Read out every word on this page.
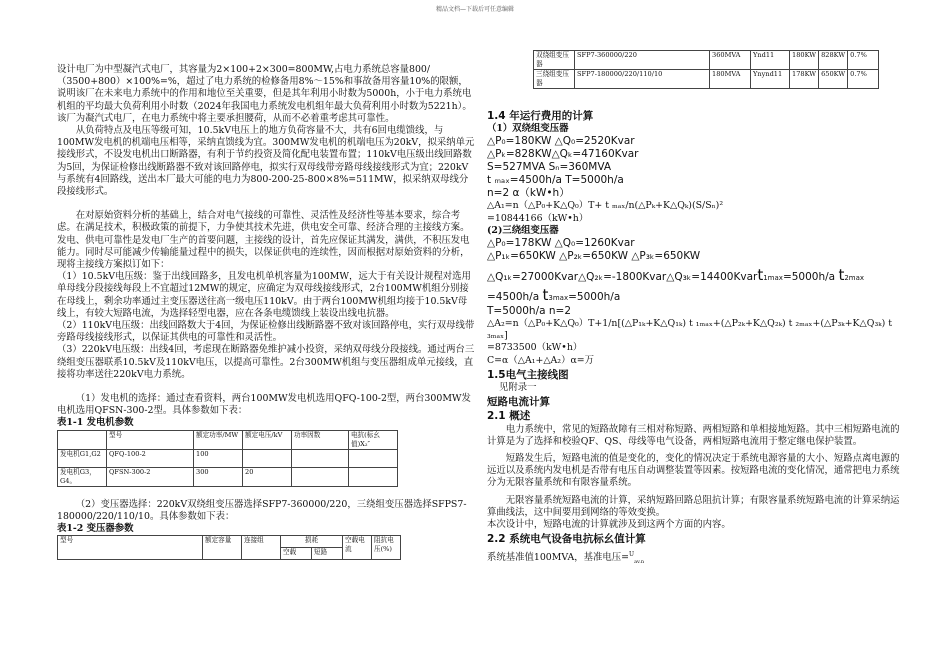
精品文档—下载后可任意编辑
双绕组变压器	SFP7-360000/220	360MVA	Ynd11	180KW	828KW	0.7%
三绕组变压器	SFP7-180000/220/110/10	180MVA	Ynynd11	178KW	650KW	0.7%

设计电厂为中型凝汽式电厂，其容量为2×100+2×300=800MW,占电力系统总容量800/（3500+800）×100%=%，超过了电力系统的检修备用8%～15%和事故备用容量10%的限额，说明该厂在未来电力系统中的作用和地位至关重要，但是其年利用小时数为5000h，小于电力系统电机组的平均最大负荷利用小时数（2024年我国电力系统发电机组年最大负荷利用小时数为5221h）。该厂为凝汽式电厂，在电力系统中将主要承担腰荷，从而不必着重考虑其可靠性。

从负荷特点及电压等级可知，10.5kV电压上的地方负荷容量不大，共有6回电缆馈线，与100MW发电机的机端电压相等，采纳直馈线为宜。300MW发电机的机端电压为20kV，拟采纳单元接线形式，不设发电机出口断路器，有利于节约投资及简化配电装置布置；110kV电压级出线回路数为5回，为保证检修出线断路器不致对该回路停电，拟实行双母线带旁路母线接线形式为宜；220kV与系统有4回路线，送出本厂最大可能的电力为800-200-25-800×8%=511MW，拟采纳双母线分段接线形式。

在对原始资料分析的基础上，结合对电气接线的可靠性、灵活性及经济性等基本要求，综合考虑。在满足技术，积极政策的前提下，力争使其技术先进，供电安全可靠、经济合理的主接线方案。

发电、供电可靠性是发电厂生产的首要问题，主接线的设计，首先应保证其满发，满供，不积压发电能力。同时尽可能减少传输能量过程中的损失，以保证供电的连续性，因而根据对原始资料的分析，现将主接线方案拟订如下：

（1）10.5kV电压级：鉴于出线回路多，且发电机单机容量为100MW，远大于有关设计规程对选用单母线分段接线每段上不宜超过12MW的规定，应确定为双母线接线形式，2台100MW机组分别接在母线上，剩余功率通过主变压器送往高一级电压110kV。由于两台100MW机组均接于10.5kV母线上，有较大短路电流，为选择轻型电器，应在各条电缆馈线上装设出线电抗器。

（2）110kV电压级：出线回路数大于4回，为保证检修出线断路器不致对该回路停电，实行双母线带旁路母线接线形式，以保证其供电的可靠性和灵活性。

（3）220kV电压级：出线4回，考虑现在断路器免维护减小投资，采纳双母线分段接线。通过两台三绕组变压器联系10.5kV及110kV电压，以提高可靠性。2台300MW机组与变压器组成单元接线，直接将功率送往220kV电力系统。

（1）发电机的选择：通过查看资料，两台100MW发电机选用QFQ-100-2型，两台300MW发电机选用QFSN-300-2型。具体参数如下表：

表1-1 发电机参数

	型号	额定功率/MW	额定电压/kV	功率因数	电抗(标幺值)X₂″
发电机G1,G2	QFQ-100-2	100			
发电机G3，G4。	QFSN-300-2	300	20		

（2）变压器选择：220kV双绕组变压器选择SFP7-360000/220，三绕组变压器选择SFPS7-180000/220/110/10。具体参数如下表：

表1-2 变压器参数

型号	额定容量	连接组	损耗		空载电流	阻抗电压(%)
			空载	短路		
1.4 年运行费用的计算

（1）双绕组变压器

△P₀=180KW △Q₀=2520Kvar

△Pₖ=828KW△Qₖ=47160Kvar

S=527MVA Sₙ=360MVA

t ₘₐₓ=4500h/a T=5000h/a

n=2 α（kW•h）

△A₁=n（△P₀+K△Q₀）T+ t ₘₐₓ/n(△Pₖ+K△Qₖ)(S/Sₙ)²

=10844166（kW•h）

(2)三绕组变压器

△P₀=178KW △Q₀=1260Kvar

△P₁ₖ=650KW △P₂ₖ=650KW △P₃ₖ=650KW

△Q₁ₖ=27000Kvar△Q₂ₖ=-1800Kvar△Q₃ₖ=14400Kvart1max=5000h/a t2max

=4500h/a t3max=5000h/a

T=5000h/a n=2

△A₂=n（△P₀+K△Q₀）T+1/n[(△P₁ₖ+K△Q₁ₖ) t ₁ₘₐₓ+(△P₂ₖ+K△Q₂ₖ) t ₂ₘₐₓ+(△P₃ₖ+K△Q₃ₖ) t ₃ₘₐₓ]

=8733500（kW•h）

C=α（△A₁+△A₂）α=万

1.5电气主接线图

见附录一

短路电流计算
2.1 概述

电力系统中，常见的短路故障有三相对称短路、两相短路和单相接地短路。其中三相短路电流的计算是为了选择和校验QF、QS、母线等电气设备，两相短路电流用于整定继电保护装置。

短路发生后，短路电流的值是变化的，变化的情况决定于系统电源容量的大小、短路点离电源的远近以及系统内发电机是否带有电压自动调整装置等因素。按短路电流的变化情况，通常把电力系统分为无限容量系统和有限容量系统。

无限容量系统短路电流的计算，采纳短路回路总阻抗计算；有限容量系统短路电流的计算采纳运算曲线法，这中间要用到网络的等效变换。

本次设计中，短路电流的计算就涉及到这两个方面的内容。

2.2 系统电气设备电抗标幺值计算

系统基准值100MVA，基准电压=$^U_{av.n}$
